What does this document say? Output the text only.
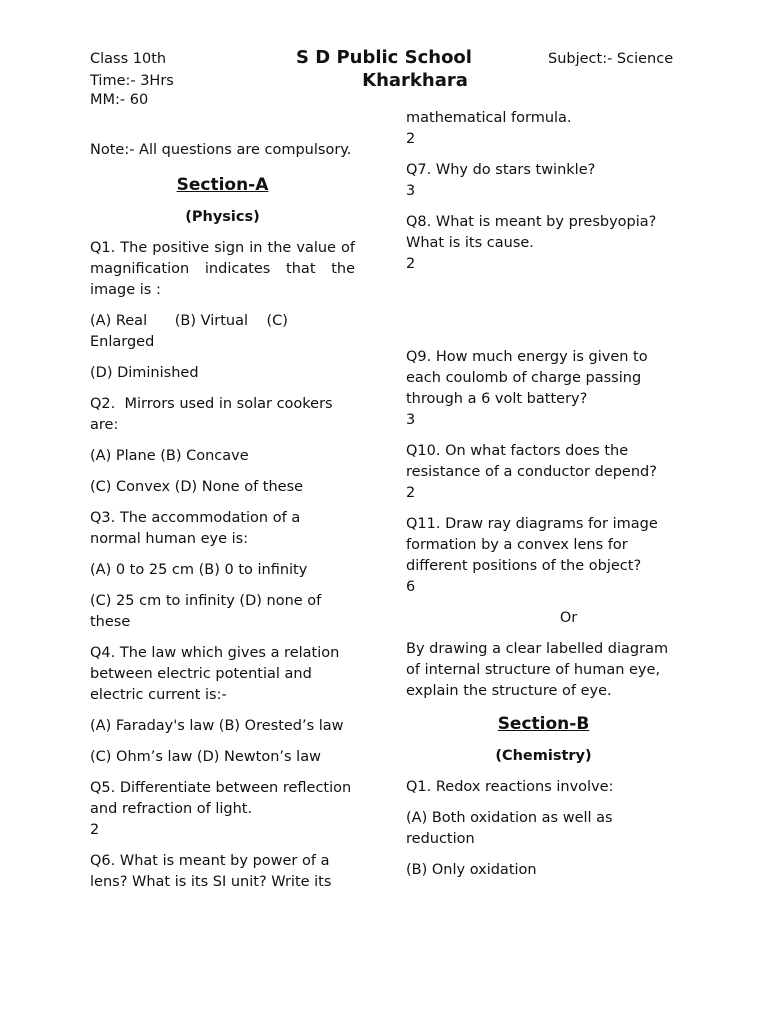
Class 10th
Time:- 3Hrs
MM:- 60
S D Public School
Kharkhara
Subject:- Science
Note:- All questions are compulsory.
Section-A
(Physics)
Q1. The positive sign in the value of magnification indicates that the image is :
(A) Real      (B) Virtual    (C) Enlarged
(D) Diminished
Q2.  Mirrors used in solar cookers are:
(A) Plane (B) Concave
(C) Convex (D) None of these
Q3. The accommodation of a normal human eye is:
(A) 0 to 25 cm (B) 0 to infinity
(C) 25 cm to infinity (D) none of these
Q4. The law which gives a relation between electric potential and electric current is:-
(A) Faraday's law (B) Orested’s law
(C) Ohm’s law (D) Newton’s law
Q5. Differentiate between reflection and refraction of light.
2
Q6. What is meant by power of a lens? What is its SI unit? Write its
mathematical formula.
2
Q7. Why do stars twinkle?
3
Q8. What is meant by presbyopia? What is its cause.
2
Q9. How much energy is given to each coulomb of charge passing through a 6 volt battery?
3
Q10. On what factors does the resistance of a conductor depend?
2
Q11. Draw ray diagrams for image formation by a convex lens for different positions of the object?
6
Or
By drawing a clear labelled diagram of internal structure of human eye, explain the structure of eye.
Section-B
(Chemistry)
Q1. Redox reactions involve:
(A) Both oxidation as well as reduction
(B) Only oxidation
